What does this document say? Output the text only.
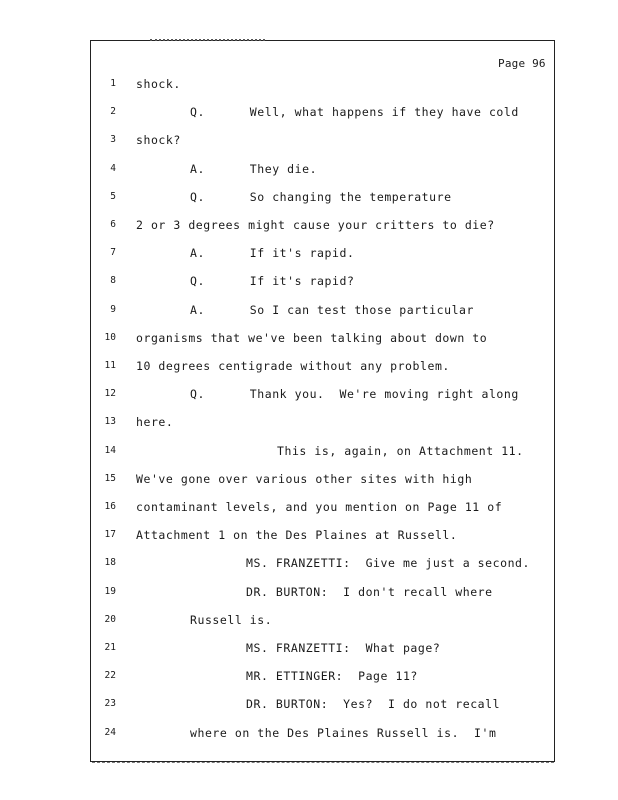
Page 96
1 shock.
2	Q.      Well, what happens if they have cold
3 shock?
4	A.      They die.
5	Q.      So changing the temperature
6 2 or 3 degrees might cause your critters to die?
7	A.      If it's rapid.
8	Q.      If it's rapid?
9	A.      So I can test those particular
10 organisms that we've been talking about down to
11 10 degrees centigrade without any problem.
12	Q.      Thank you.  We're moving right along
13 here.
14	This is, again, on Attachment 11.
15 We've gone over various other sites with high
16 contaminant levels, and you mention on Page 11 of
17 Attachment 1 on the Des Plaines at Russell.
18	MS. FRANZETTI:  Give me just a second.
19	DR. BURTON:  I don't recall where
20	Russell is.
21	MS. FRANZETTI:  What page?
22	MR. ETTINGER:  Page 11?
23	DR. BURTON:  Yes?  I do not recall
24	where on the Des Plaines Russell is.  I'm
